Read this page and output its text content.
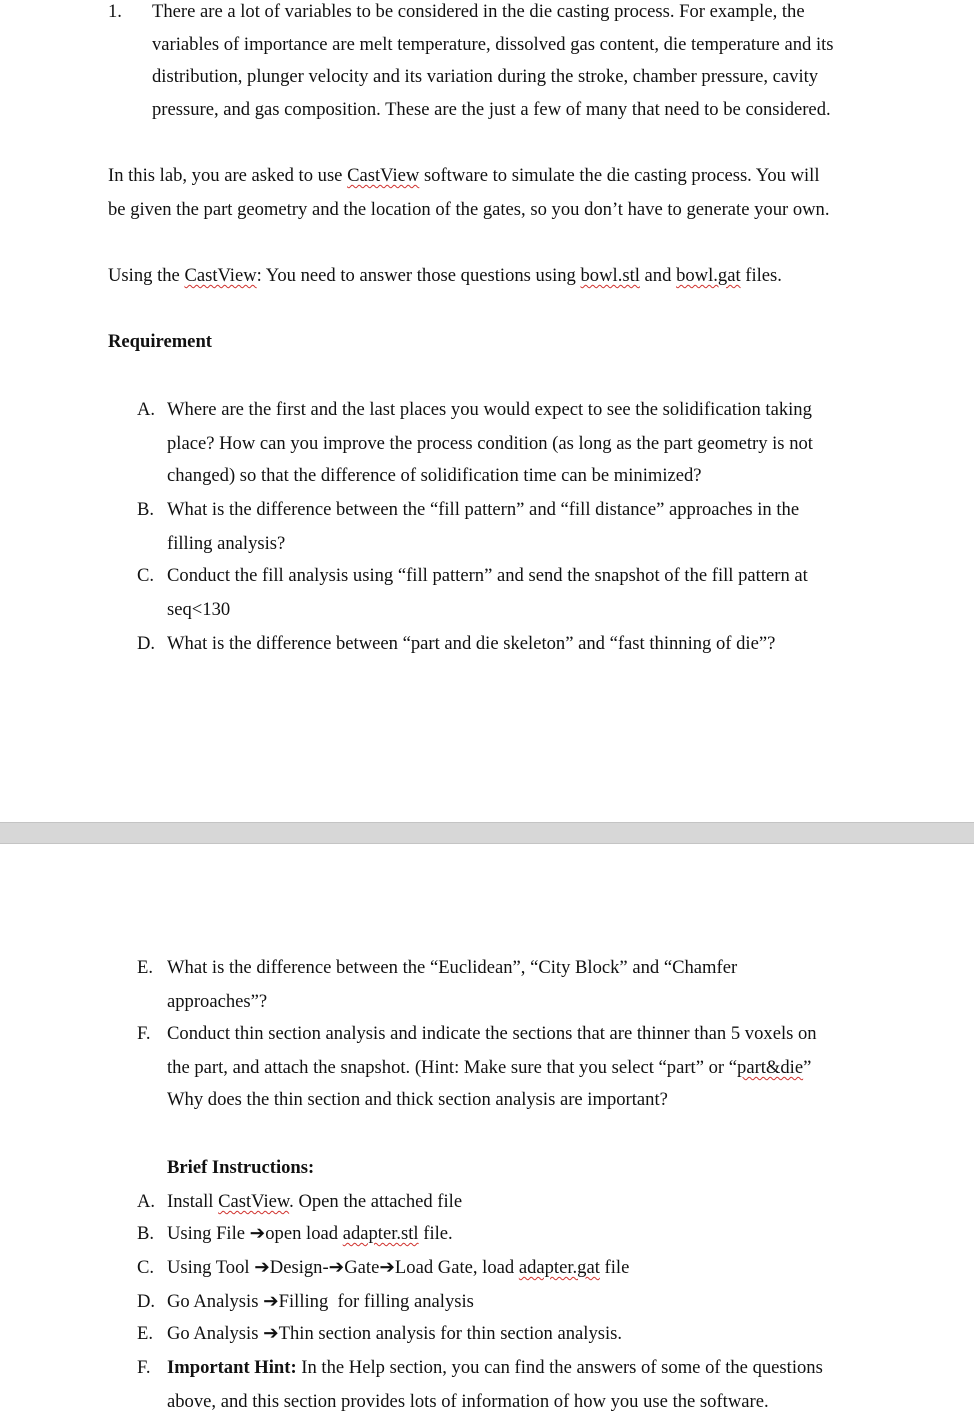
1. There are a lot of variables to be considered in the die casting process. For example, the
variables of importance are melt temperature, dissolved gas content, die temperature and its
distribution, plunger velocity and its variation during the stroke, chamber pressure, cavity
pressure, and gas composition. These are the just a few of many that need to be considered.
In this lab, you are asked to use CastView software to simulate the die casting process. You will
be given the part geometry and the location of the gates, so you don’t have to generate your own.
Using the CastView: You need to answer those questions using bowl.stl and bowl.gat files.
Requirement
A. Where are the first and the last places you would expect to see the solidification taking
place? How can you improve the process condition (as long as the part geometry is not
changed) so that the difference of solidification time can be minimized?
B. What is the difference between the “fill pattern” and “fill distance” approaches in the
filling analysis?
C. Conduct the fill analysis using “fill pattern” and send the snapshot of the fill pattern at
seq<130
D. What is the difference between “part and die skeleton” and “fast thinning of die”?
E. What is the difference between the “Euclidean”, “City Block” and “Chamfer
approaches”?
F. Conduct thin section analysis and indicate the sections that are thinner than 5 voxels on
the part, and attach the snapshot. (Hint: Make sure that you select “part” or “part&die”
Why does the thin section and thick section analysis are important?
Brief Instructions:
A. Install CastView. Open the attached file
B. Using File ➔open load adapter.stl file.
C. Using Tool ➔Design-➔Gate➔Load Gate, load adapter.gat file
D. Go Analysis ➔Filling  for filling analysis
E. Go Analysis ➔Thin section analysis for thin section analysis.
F. Important Hint: In the Help section, you can find the answers of some of the questions
above, and this section provides lots of information of how you use the software.
